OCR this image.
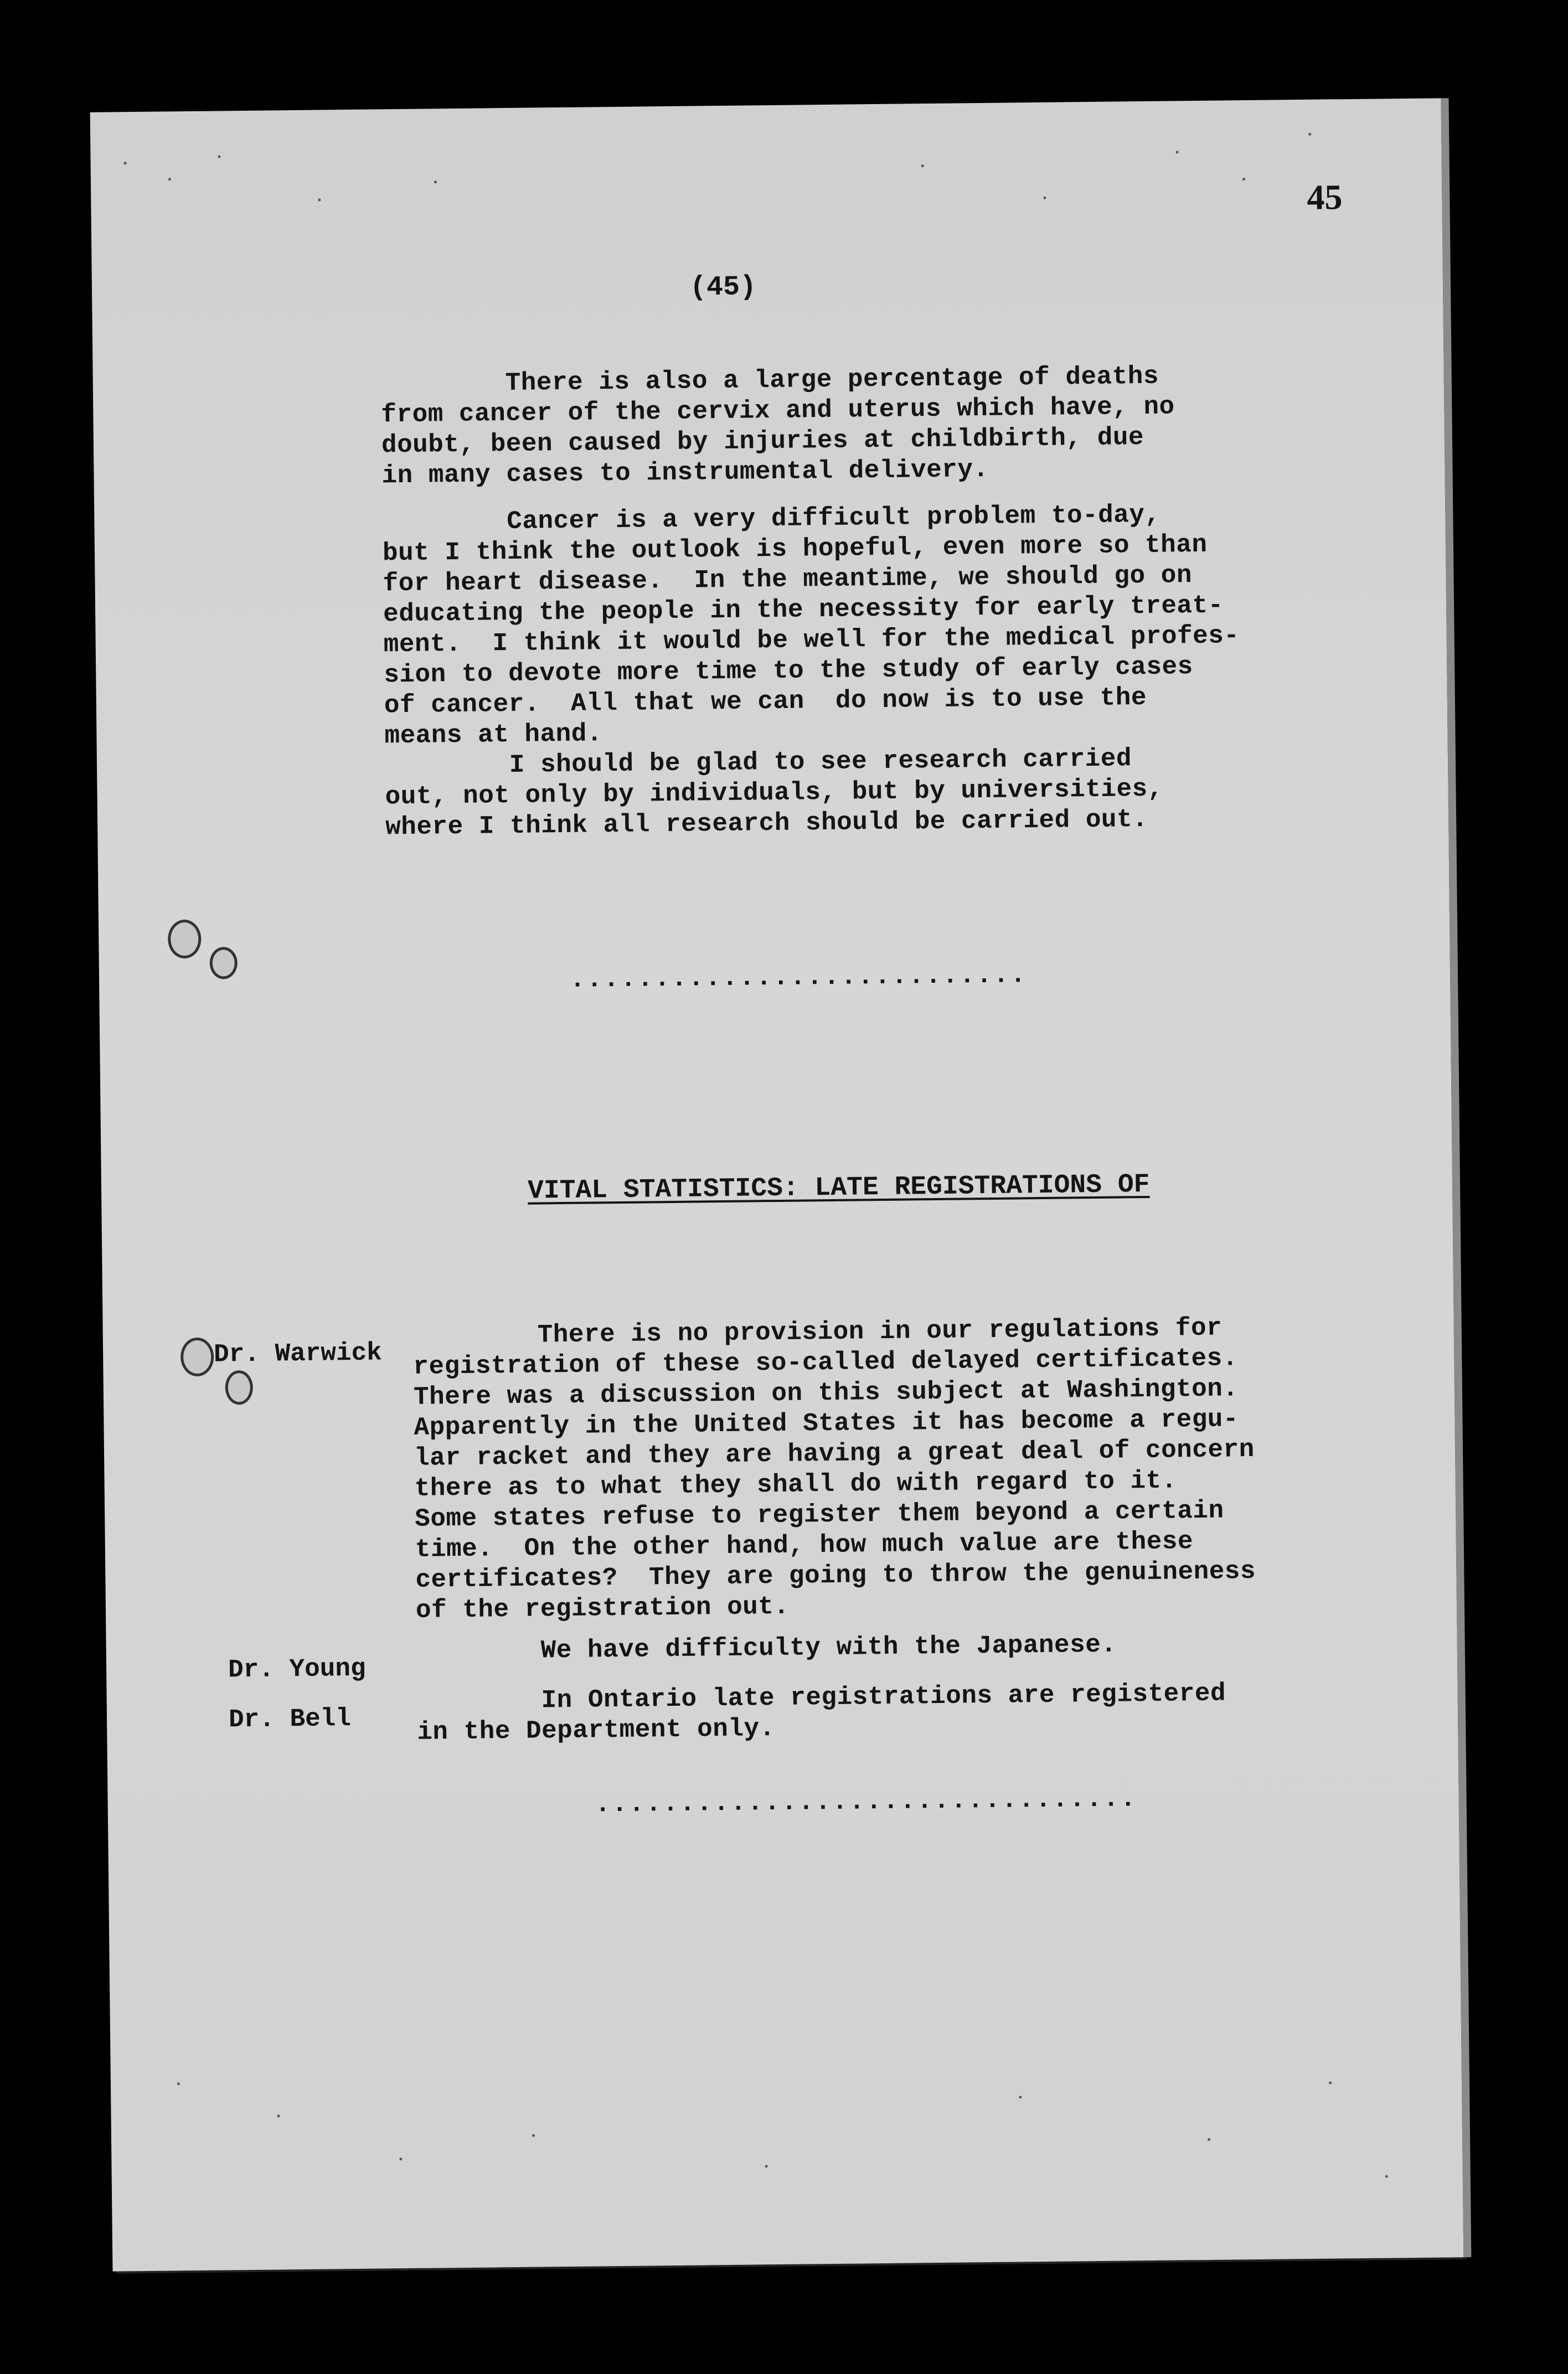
45
(45)
There is also a large percentage of deaths
from cancer of the cervix and uterus which have, no
doubt, been caused by injuries at childbirth, due
in many cases to instrumental delivery.
Cancer is a very difficult problem to-day,
but I think the outlook is hopeful, even more so than
for heart disease.  In the meantime, we should go on
educating the people in the necessity for early treat-
ment.  I think it would be well for the medical profes-
sion to devote more time to the study of early cases
of cancer.  All that we can  do now is to use the
means at hand.
I should be glad to see research carried
out, not only by individuals, but by universities,
where I think all research should be carried out.
...........................
VITAL STATISTICS: LATE REGISTRATIONS OF
Dr. Warwick
There is no provision in our regulations for
registration of these so-called delayed certificates.
There was a discussion on this subject at Washington.
Apparently in the United States it has become a regu-
lar racket and they are having a great deal of concern
there as to what they shall do with regard to it.
Some states refuse to register them beyond a certain
time.  On the other hand, how much value are these
certificates?  They are going to throw the genuineness
of the registration out.
Dr. Young
We have difficulty with the Japanese.
Dr. Bell
In Ontario late registrations are registered
in the Department only.
................................
